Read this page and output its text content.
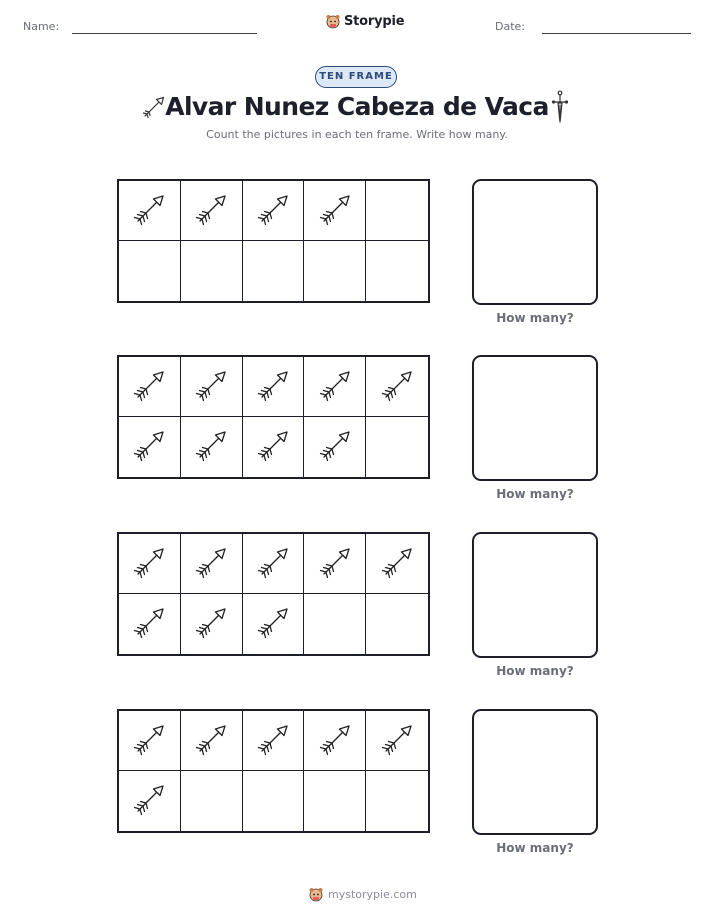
Name:	Storypie	Date:
TEN FRAME
Alvar Nunez Cabeza de Vaca
Count the pictures in each ten frame. Write how many.
How many?
How many?
How many?
How many?
mystorypie.com
